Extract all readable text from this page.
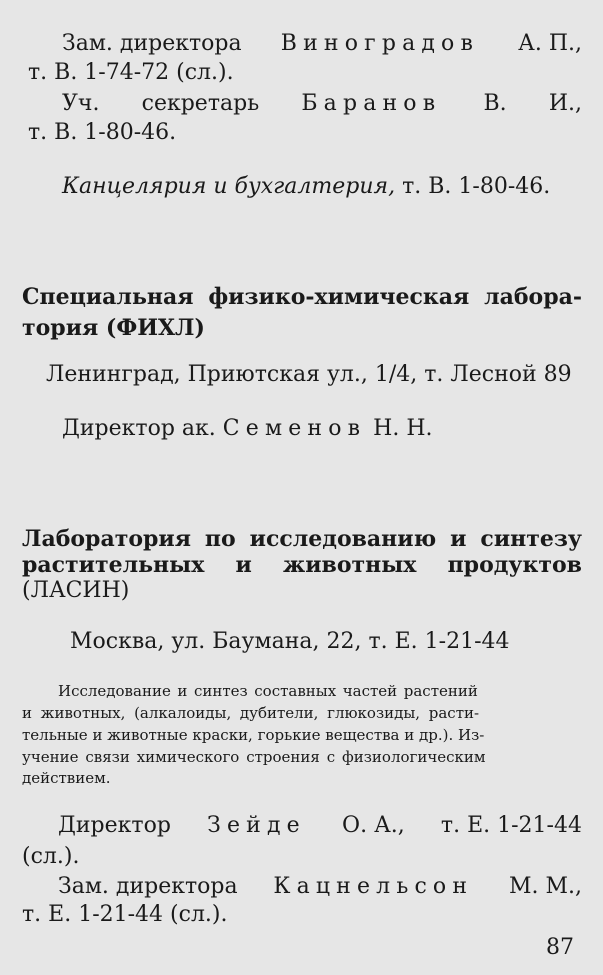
Зам. директора Виноградов А. П.,
т. В. 1-74-72 (сл.).
Уч. секретарь Баранов В. И.,
т. В. 1-80-46.
Канцелярия и бухгалтерия, т. В. 1-80-46.
Специальная физико-химическая лабора-
тория (ФИХЛ)
Ленинград, Приютская ул., 1/4, т. Лесной 89
Директор ак. Семенов Н. Н.
Лаборатория по исследованию и синтезу
растительных и животных продуктов
(ЛАСИН)
Москва, ул. Баумана, 22, т. Е. 1-21-44
Исследование и синтез составных частей растений
и животных, (алкалоиды, дубители, глюкозиды, расти-
тельные и животные краски, горькие вещества и др.). Из-
учение связи химического строения с физиологическим
действием.
Директор Зейде О. А., т. Е. 1-21-44
(сл.).
Зам. директора Кацнельсон М. М.,
т. Е. 1-21-44 (сл.).
87
